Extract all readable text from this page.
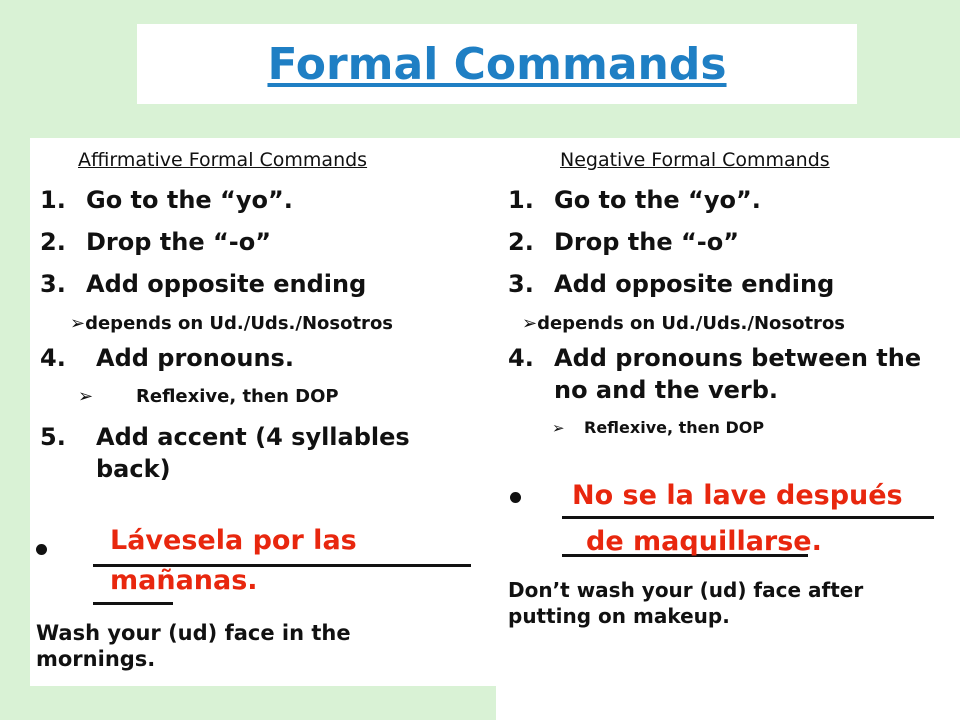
Formal Commands
Affirmative Formal Commands
1. Go to the “yo”.
2. Drop the “-o”
3. Add opposite ending
➢depends on Ud./Uds./Nosotros
4. Add pronouns.
➢ Reflexive, then DOP
5. Add accent (4 syllables
back)
Lávesela por las
mañanas.
Wash your (ud) face in the
mornings.
Negative Formal Commands
1. Go to the “yo”.
2. Drop the “-o”
3. Add opposite ending
➢depends on Ud./Uds./Nosotros
4. Add pronouns between the
no and the verb.
➢ Reflexive, then DOP
No se la lave después
de maquillarse.
Don’t wash your (ud) face after
putting on makeup.
